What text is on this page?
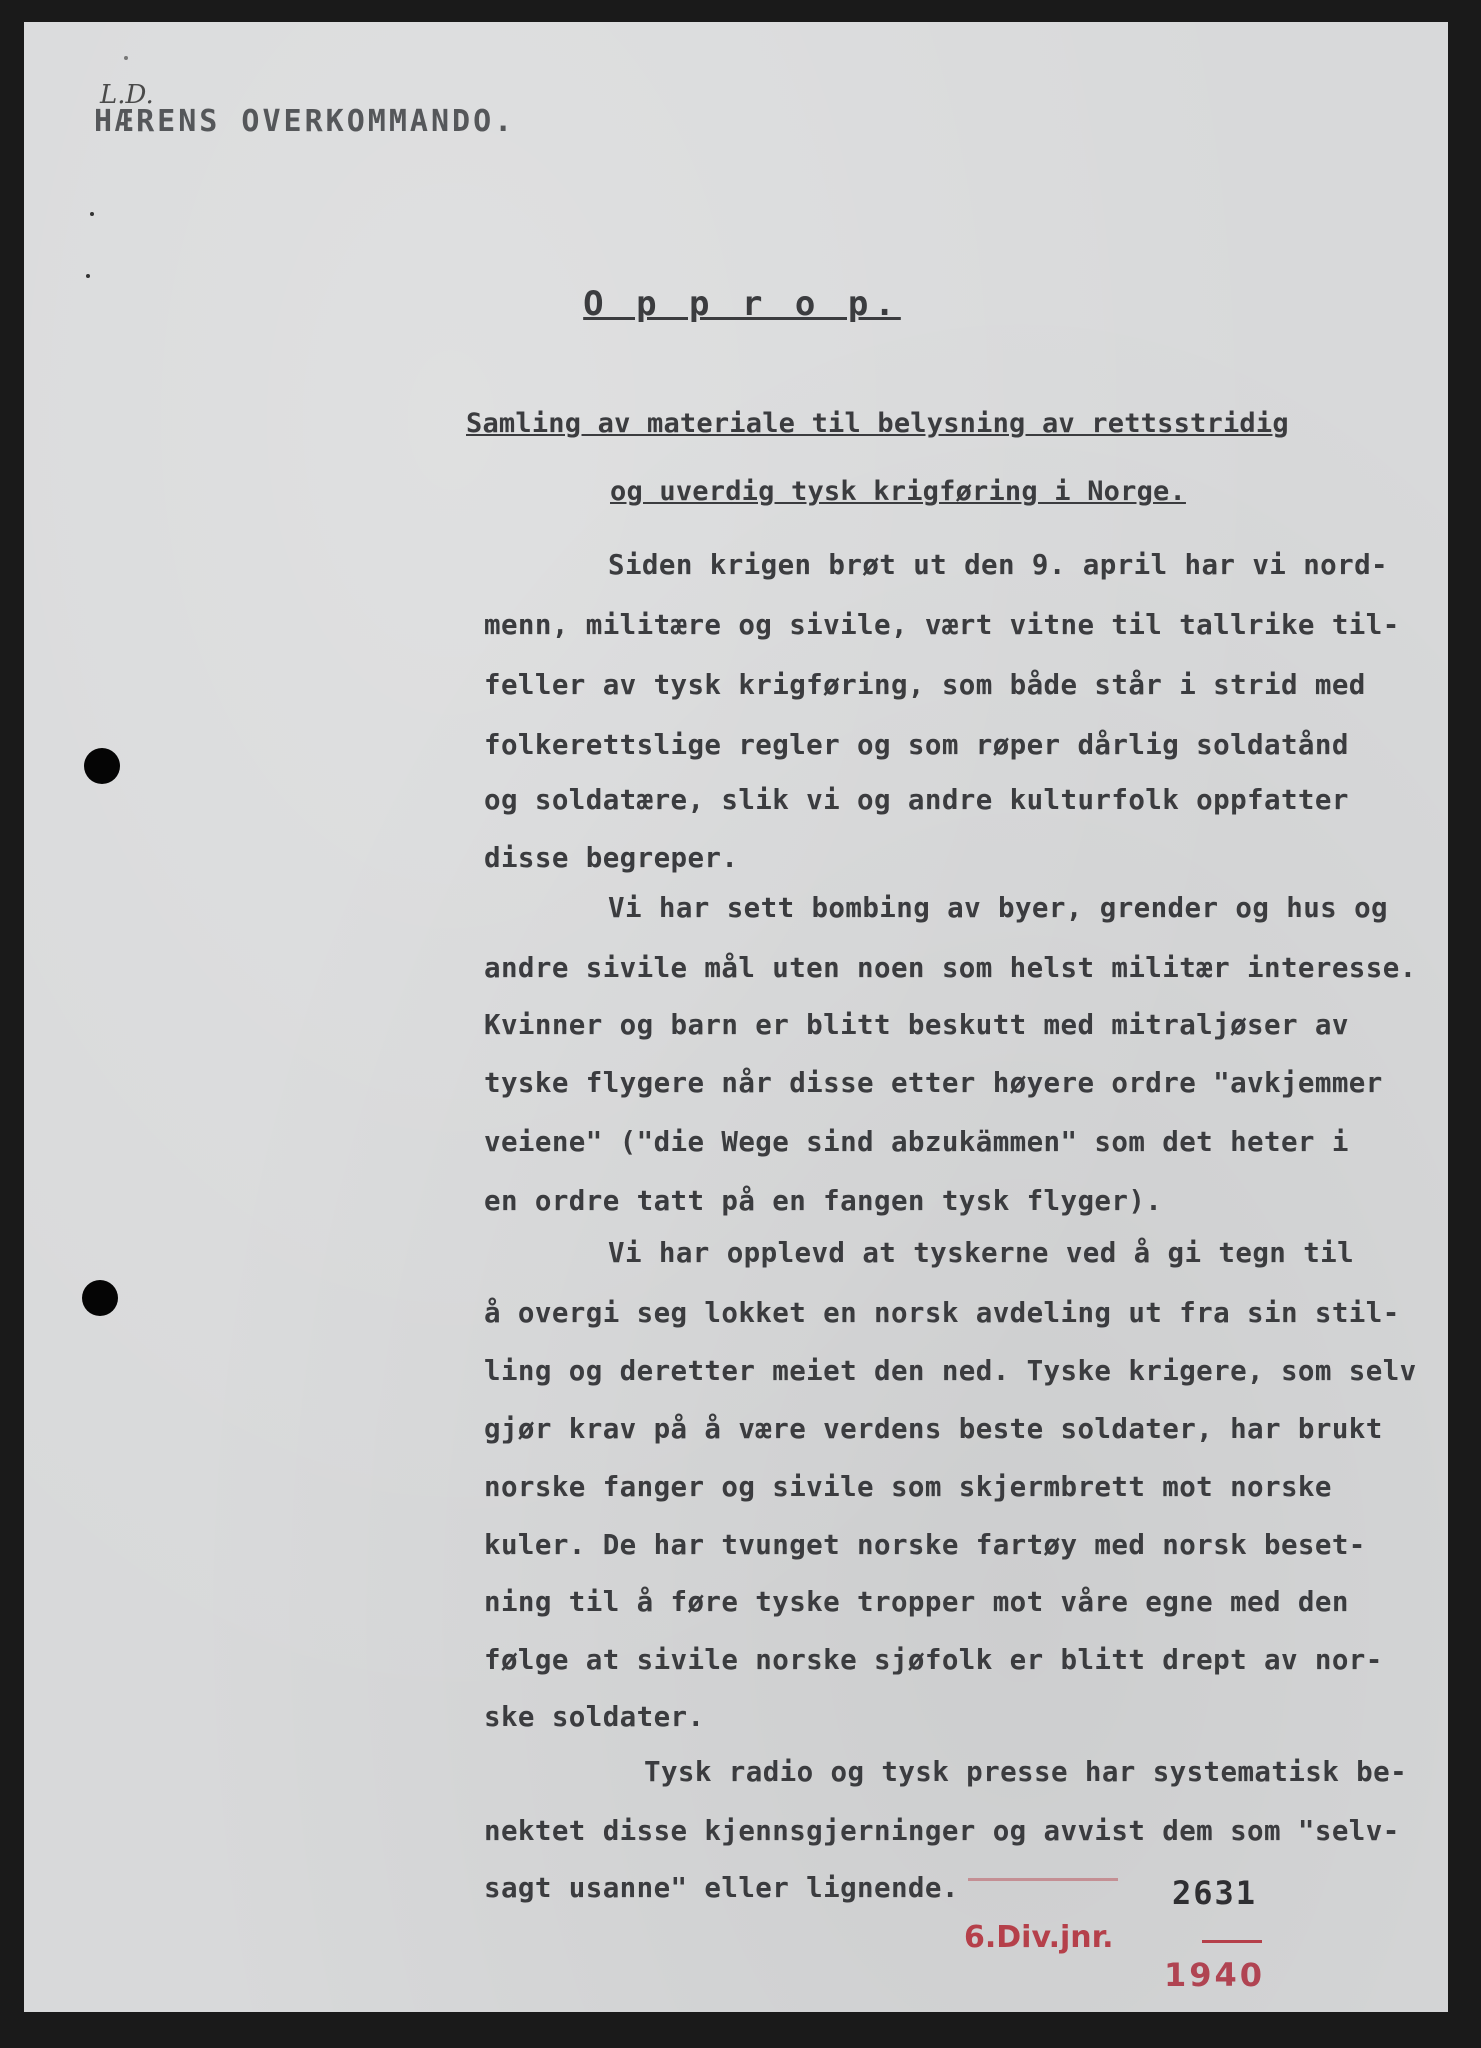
L.D.
HÆRENS OVERKOMMANDO.
O p p r o p.
Samling av materiale til belysning av rettsstridig
og uverdig tysk krigføring i Norge.
Siden krigen brøt ut den 9. april har vi nord-
menn, militære og sivile, vært vitne til tallrike til-
feller av tysk krigføring, som både står i strid med
folkerettslige regler og som røper dårlig soldatånd
og soldatære, slik vi og andre kulturfolk oppfatter
disse begreper.
Vi har sett bombing av byer, grender og hus og
andre sivile mål uten noen som helst militær interesse.
Kvinner og barn er blitt beskutt med mitraljøser av
tyske flygere når disse etter høyere ordre "avkjemmer
veiene" ("die Wege sind abzukämmen" som det heter i
en ordre tatt på en fangen tysk flyger).
Vi har opplevd at tyskerne ved å gi tegn til
å overgi seg lokket en norsk avdeling ut fra sin stil-
ling og deretter meiet den ned. Tyske krigere, som selv
gjør krav på å være verdens beste soldater, har brukt
norske fanger og sivile som skjermbrett mot norske
kuler. De har tvunget norske fartøy med norsk beset-
ning til å føre tyske tropper mot våre egne med den
følge at sivile norske sjøfolk er blitt drept av nor-
ske soldater.
Tysk radio og tysk presse har systematisk be-
nektet disse kjennsgjerninger og avvist dem som "selv-
sagt usanne" eller lignende.	2631
6.Div.jnr.
1940
